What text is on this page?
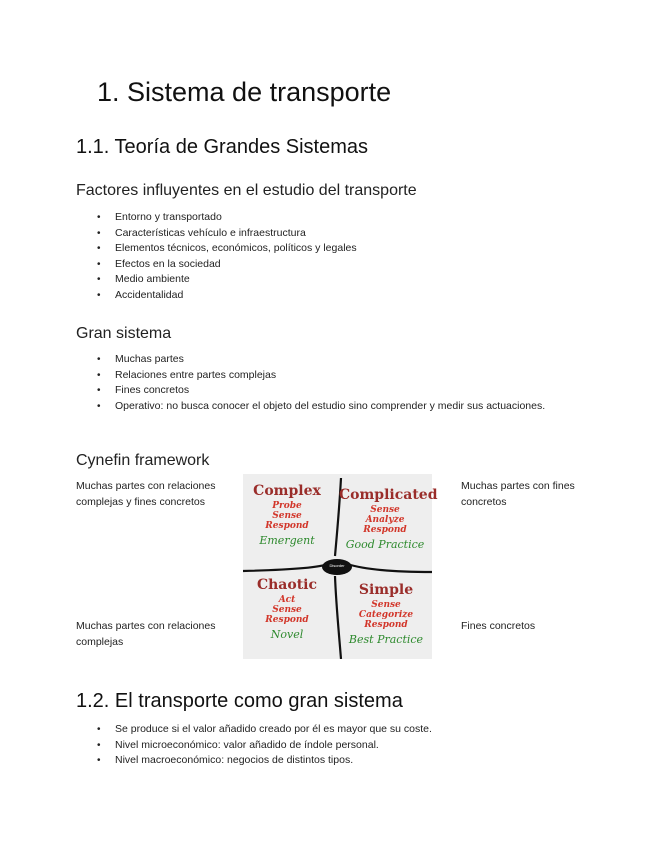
1. Sistema de transporte
1.1. Teoría de Grandes Sistemas
Factores influyentes en el estudio del transporte
• Entorno y transportado
• Características vehículo e infraestructura
• Elementos técnicos, económicos, políticos y legales
• Efectos en la sociedad
• Medio ambiente
• Accidentalidad
Gran sistema
• Muchas partes
• Relaciones entre partes complejas
• Fines concretos
• Operativo: no busca conocer el objeto del estudio sino comprender y medir sus actuaciones.
Cynefin framework
Muchas partes con relaciones complejas y fines concretos
Muchas partes con fines concretos
Muchas partes con relaciones complejas
Fines concretos
Disorder
Complex
Probe
Sense
Respond
Emergent
Complicated
Sense
Analyze
Respond
Good Practice
Chaotic
Act
Sense
Respond
Novel
Simple
Sense
Categorize
Respond
Best Practice
1.2. El transporte como gran sistema
• Se produce si el valor añadido creado por él es mayor que su coste.
• Nivel microeconómico: valor añadido de índole personal.
• Nivel macroeconómico: negocios de distintos tipos.
